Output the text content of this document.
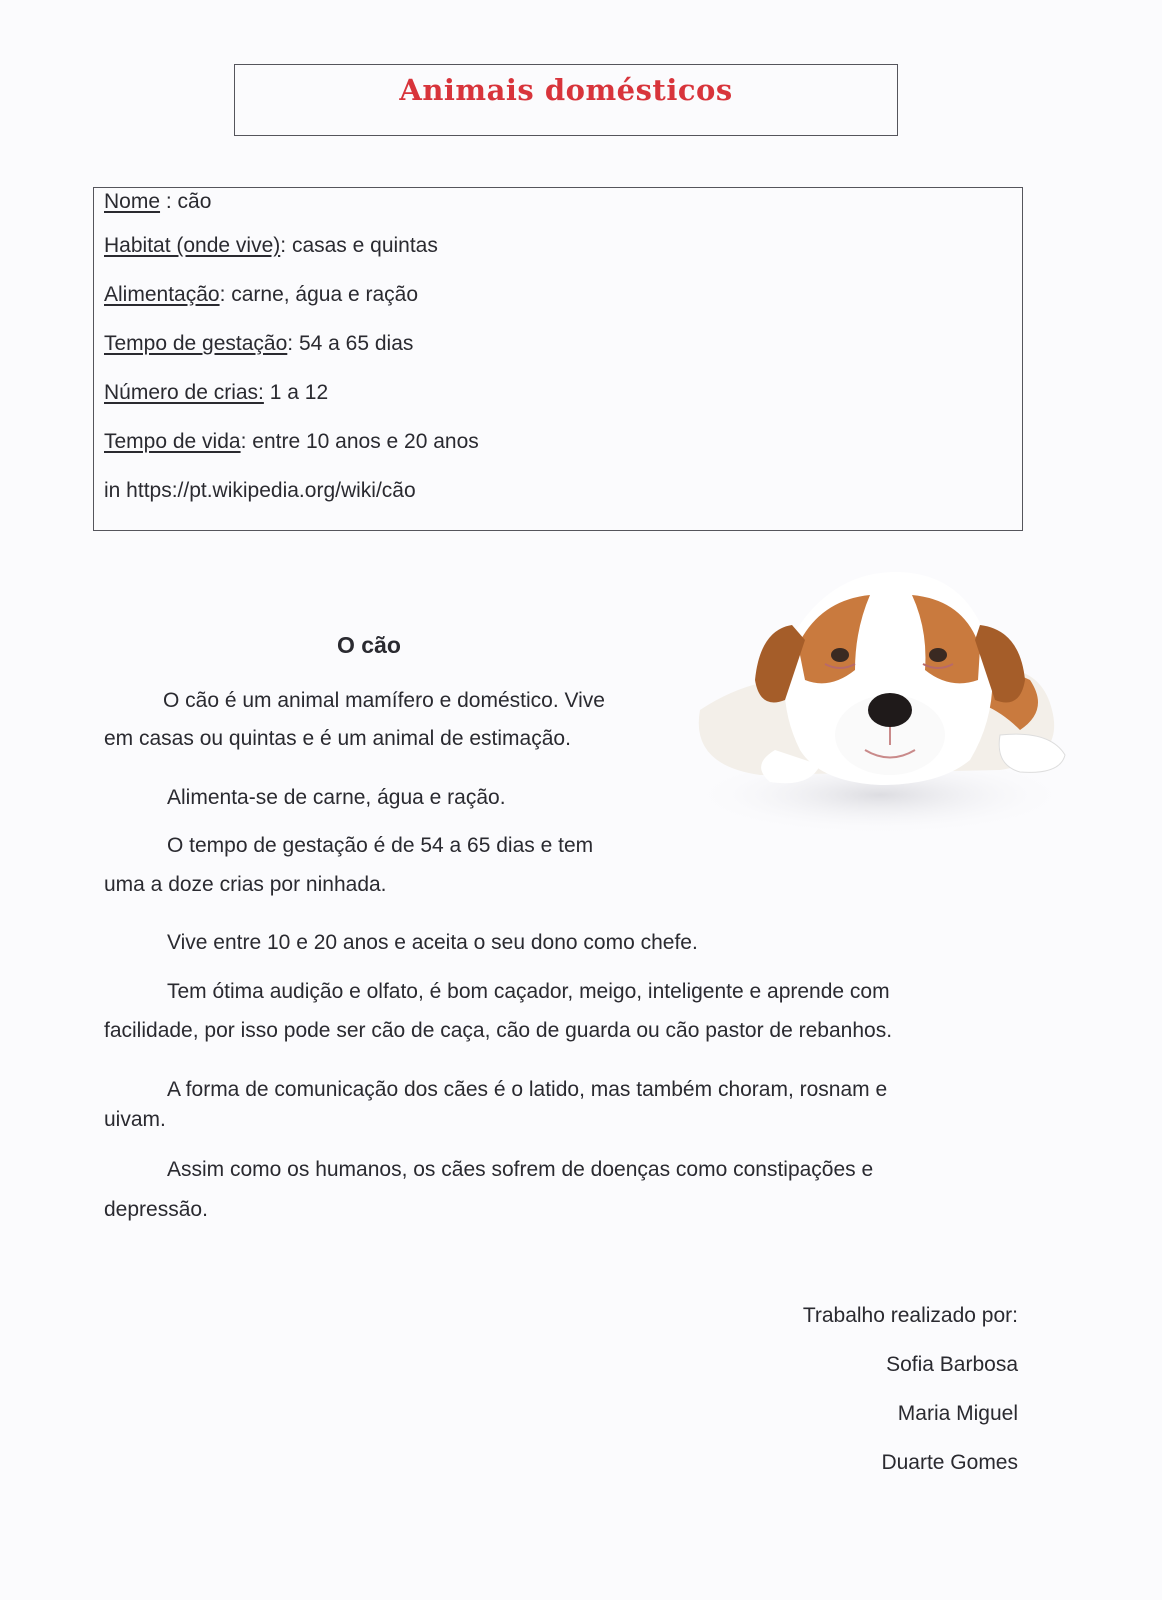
Animais domésticos
Nome : cão
Habitat (onde vive): casas e quintas
Alimentação: carne, água e ração
Tempo de gestação: 54 a 65 dias
Número de crias: 1 a 12
Tempo de vida: entre 10 anos e 20 anos
in https://pt.wikipedia.org/wiki/cão
O cão
O cão é um animal mamífero e doméstico. Vive
em casas ou quintas e é um animal de estimação.
Alimenta-se de carne, água e ração.
O tempo de gestação é de 54 a 65 dias e tem
uma a doze crias por ninhada.
Vive entre 10 e 20 anos e aceita o seu dono como chefe.
Tem ótima audição e olfato, é bom caçador, meigo, inteligente e aprende com
facilidade, por isso pode ser cão de caça, cão de guarda ou cão pastor de rebanhos.
A forma de comunicação dos cães é o latido, mas também choram, rosnam e
uivam.
Assim como os humanos, os cães sofrem de doenças como constipações e
depressão.
Trabalho realizado por:
Sofia Barbosa
Maria Miguel
Duarte Gomes
